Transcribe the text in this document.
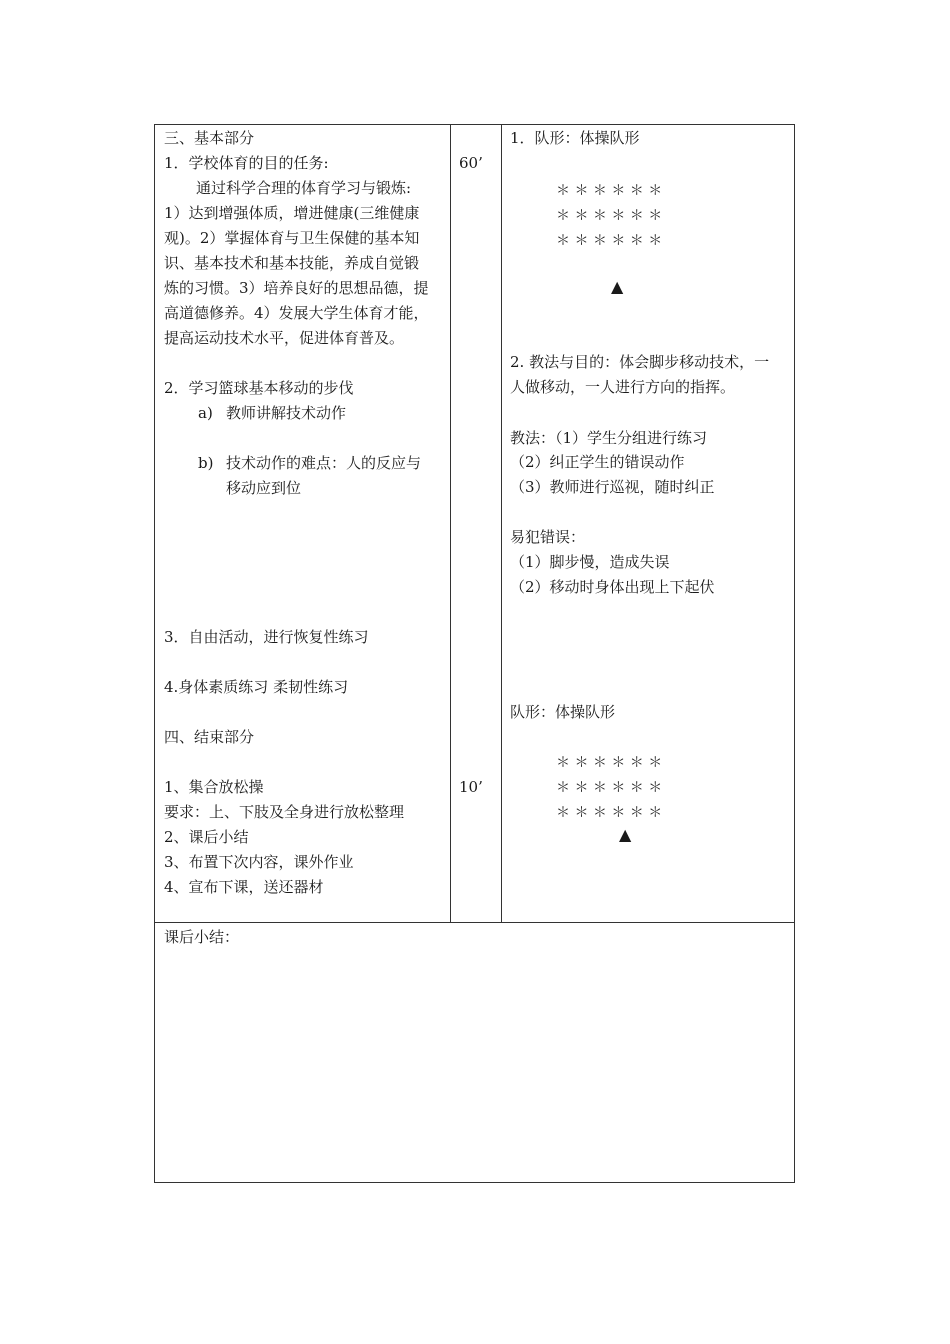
三、基本部分
1．学校体育的目的任务:
通过科学合理的体育学习与锻炼:
1）达到增强体质，增进健康(三维健康
观)。2）掌握体育与卫生保健的基本知
识、基本技术和基本技能，养成自觉锻
炼的习惯。3）培养良好的思想品德，提
高道德修养。4）发展大学生体育才能，
提高运动技术水平，促进体育普及。
2．学习篮球基本移动的步伐
a) 教师讲解技术动作
b) 技术动作的难点：人的反应与
移动应到位
3．自由活动，进行恢复性练习
4.身体素质练习 柔韧性练习
四、结束部分
1、集合放松操
要求：上、下肢及全身进行放松整理
2、课后小结
3、布置下次内容，课外作业
4、宣布下课，送还器材
60’
10’
1．队形：体操队形
＊ ＊ ＊ ＊ ＊ ＊
＊ ＊ ＊ ＊ ＊ ＊
＊ ＊ ＊ ＊ ＊ ＊
▲
2. 教法与目的：体会脚步移动技术，一
人做移动，一人进行方向的指挥。
教法：（1）学生分组进行练习
（2）纠正学生的错误动作
（3）教师进行巡视，随时纠正
易犯错误：
（1）脚步慢，造成失误
（2）移动时身体出现上下起伏
队形：体操队形
＊ ＊ ＊ ＊ ＊ ＊
＊ ＊ ＊ ＊ ＊ ＊
＊ ＊ ＊ ＊ ＊ ＊
▲
课后小结：
